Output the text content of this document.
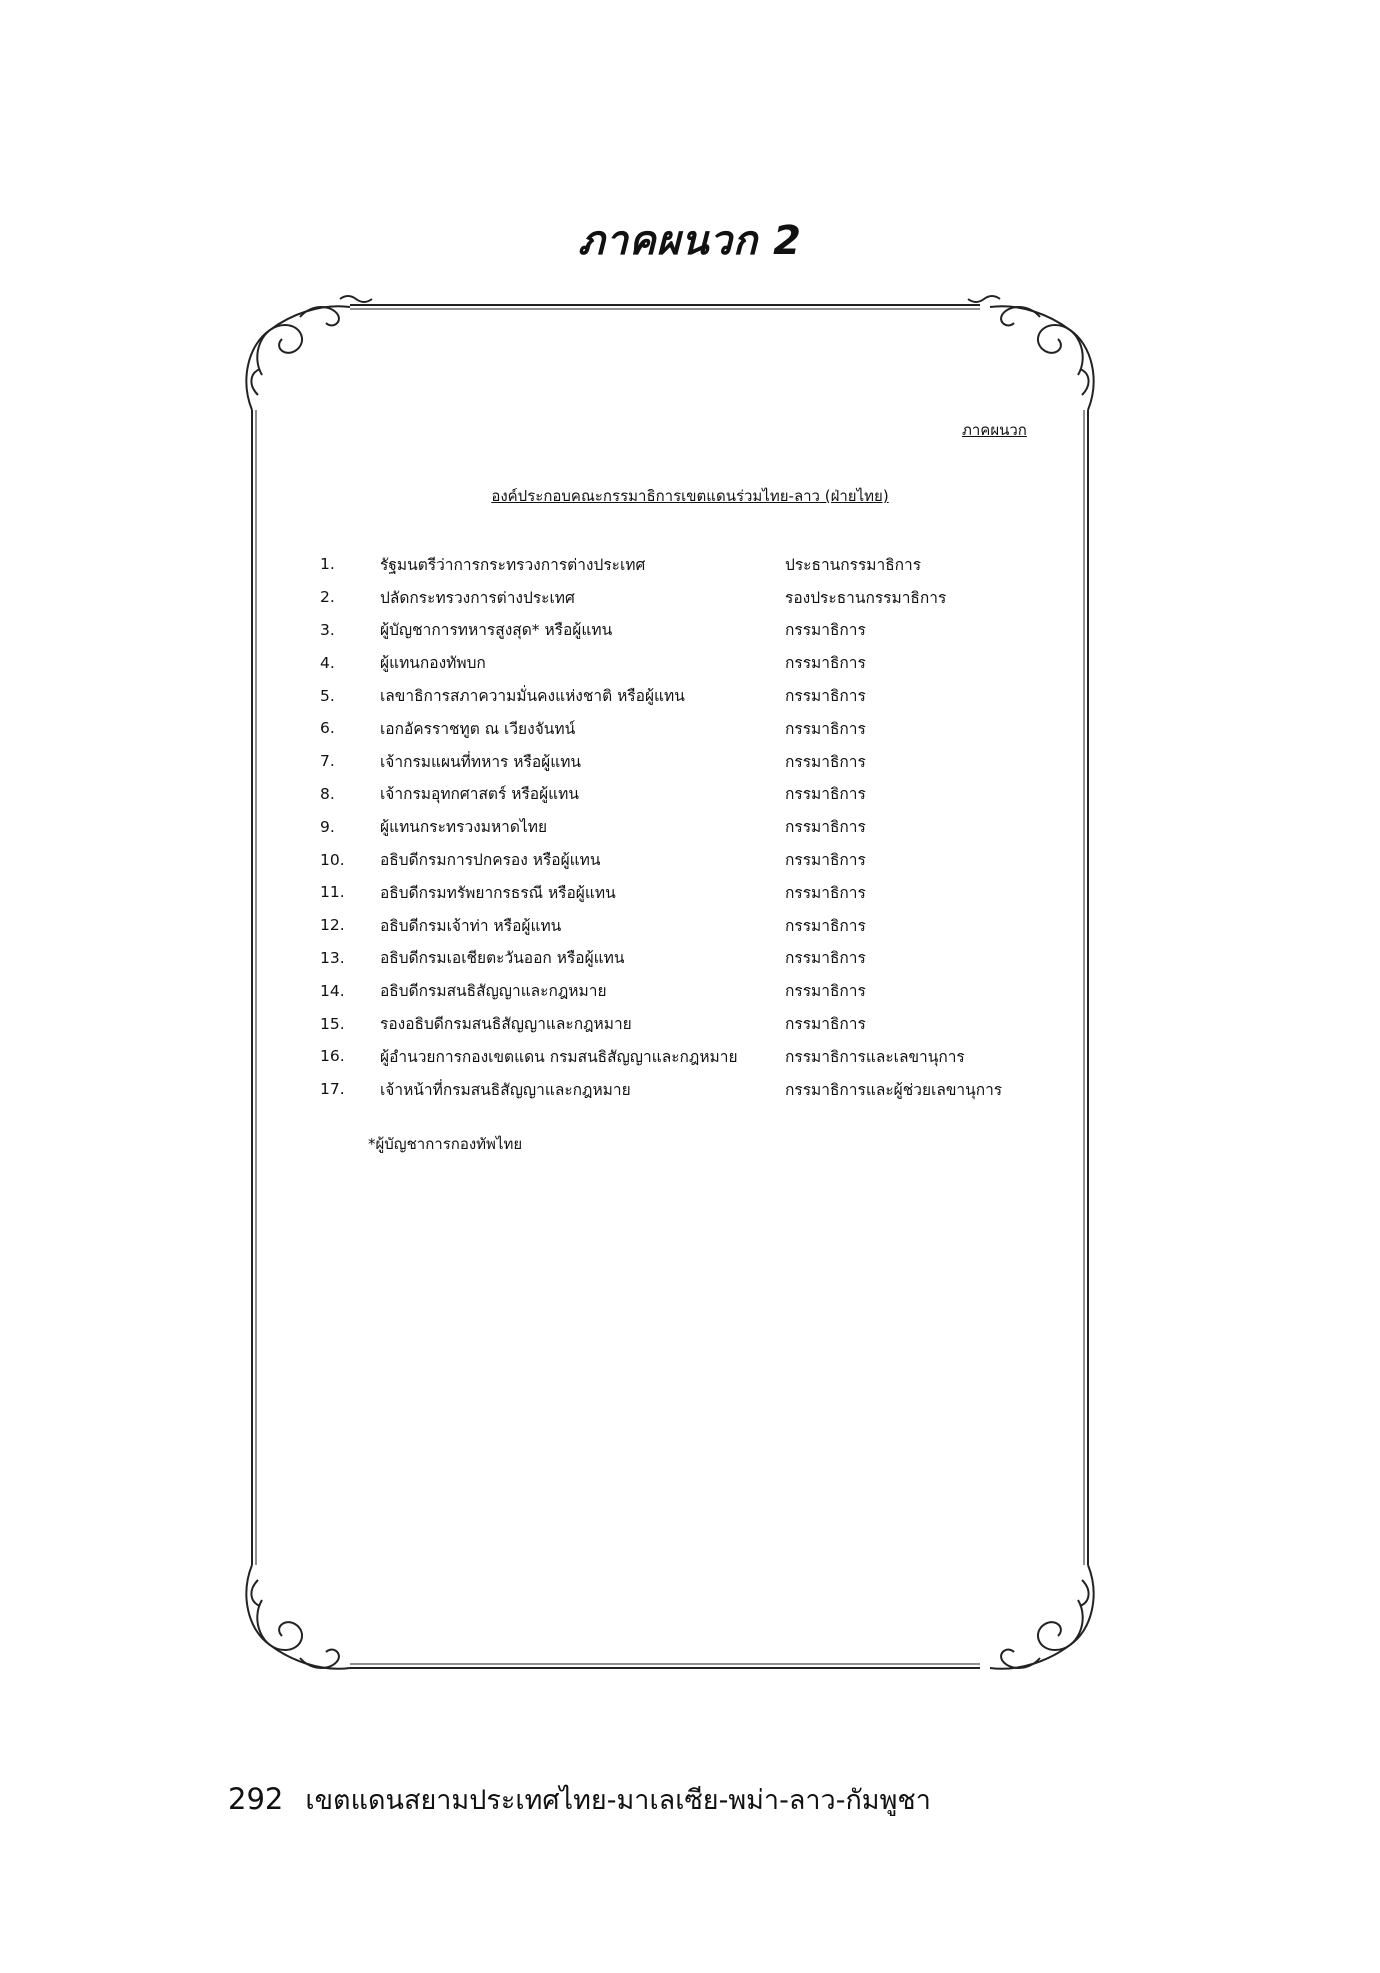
ภาคผนวก 2
ภาคผนวก
องค์ประกอบคณะกรรมาธิการเขตแดนร่วมไทย-ลาว (ฝ่ายไทย)
1.	รัฐมนตรีว่าการกระทรวงการต่างประเทศ	ประธานกรรมาธิการ
2.	ปลัดกระทรวงการต่างประเทศ	รองประธานกรรมาธิการ
3.	ผู้บัญชาการทหารสูงสุด* หรือผู้แทน	กรรมาธิการ
4.	ผู้แทนกองทัพบก	กรรมาธิการ
5.	เลขาธิการสภาความมั่นคงแห่งชาติ หรือผู้แทน	กรรมาธิการ
6.	เอกอัครราชทูต ณ เวียงจันทน์	กรรมาธิการ
7.	เจ้ากรมแผนที่ทหาร หรือผู้แทน	กรรมาธิการ
8.	เจ้ากรมอุทกศาสตร์ หรือผู้แทน	กรรมาธิการ
9.	ผู้แทนกระทรวงมหาดไทย	กรรมาธิการ
10.	อธิบดีกรมการปกครอง หรือผู้แทน	กรรมาธิการ
11.	อธิบดีกรมทรัพยากรธรณี หรือผู้แทน	กรรมาธิการ
12.	อธิบดีกรมเจ้าท่า หรือผู้แทน	กรรมาธิการ
13.	อธิบดีกรมเอเชียตะวันออก หรือผู้แทน	กรรมาธิการ
14.	อธิบดีกรมสนธิสัญญาและกฎหมาย	กรรมาธิการ
15.	รองอธิบดีกรมสนธิสัญญาและกฎหมาย	กรรมาธิการ
16.	ผู้อำนวยการกองเขตแดน กรมสนธิสัญญาและกฎหมาย	กรรมาธิการและเลขานุการ
17.	เจ้าหน้าที่กรมสนธิสัญญาและกฎหมาย	กรรมาธิการและผู้ช่วยเลขานุการ
*ผู้บัญชาการกองทัพไทย
292 เขตแดนสยามประเทศไทย-มาเลเซีย-พม่า-ลาว-กัมพูชา
